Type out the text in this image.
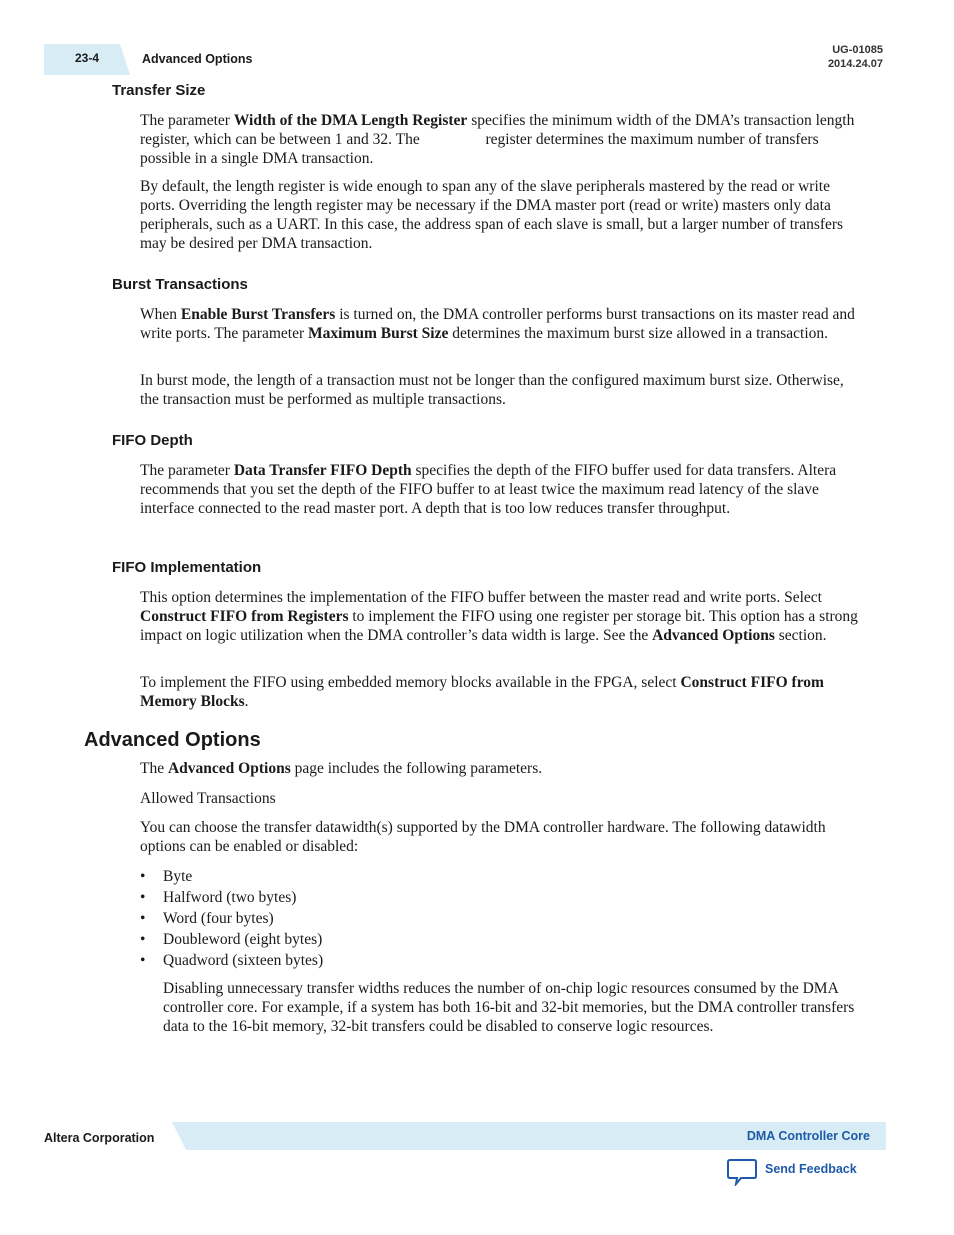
23-4	Advanced Options
UG-01085
2014.24.07
Transfer Size

The parameter Width of the DMA Length Register specifies the minimum width of the DMA’s transaction length register, which can be between 1 and 32. The	register determines the maximum number of transfers possible in a single DMA transaction.

By default, the length register is wide enough to span any of the slave peripherals mastered by the read or write ports. Overriding the length register may be necessary if the DMA master port (read or write) masters only data peripherals, such as a UART. In this case, the address span of each slave is small, but a larger number of transfers may be desired per DMA transaction.

Burst Transactions

When Enable Burst Transfers is turned on, the DMA controller performs burst transactions on its master read and write ports. The parameter Maximum Burst Size determines the maximum burst size allowed in a transaction.

In burst mode, the length of a transaction must not be longer than the configured maximum burst size. Otherwise, the transaction must be performed as multiple transactions.

FIFO Depth

The parameter Data Transfer FIFO Depth specifies the depth of the FIFO buffer used for data transfers. Altera recommends that you set the depth of the FIFO buffer to at least twice the maximum read latency of the slave interface connected to the read master port. A depth that is too low reduces transfer throughput.

FIFO Implementation

This option determines the implementation of the FIFO buffer between the master read and write ports. Select Construct FIFO from Registers to implement the FIFO using one register per storage bit. This option has a strong impact on logic utilization when the DMA controller’s data width is large. See the Advanced Options section.

To implement the FIFO using embedded memory blocks available in the FPGA, select Construct FIFO from Memory Blocks.

Advanced Options

The Advanced Options page includes the following parameters.

Allowed Transactions

You can choose the transfer datawidth(s) supported by the DMA controller hardware. The following datawidth options can be enabled or disabled:

• Byte
• Halfword (two bytes)
• Word (four bytes)
• Doubleword (eight bytes)
• Quadword (sixteen bytes)

Disabling unnecessary transfer widths reduces the number of on-chip logic resources consumed by the DMA controller core. For example, if a system has both 16-bit and 32-bit memories, but the DMA controller transfers data to the 16-bit memory, 32-bit transfers could be disabled to conserve logic resources.

Altera Corporation	DMA Controller Core
Send Feedback
